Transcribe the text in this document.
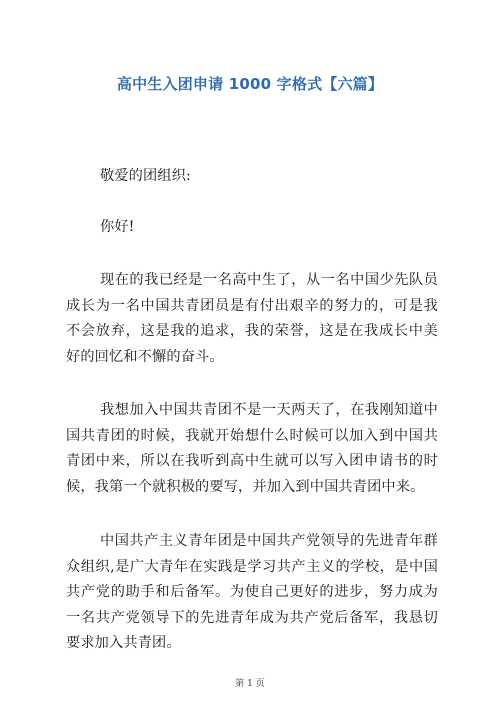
高中生入团申请 1000 字格式【六篇】
敬爱的团组织:
你好!
现在的我已经是一名高中生了，从一名中国少先队员成长为一名中国共青团员是有付出艰辛的努力的，可是我不会放弃，这是我的追求，我的荣誉，这是在我成长中美好的回忆和不懈的奋斗。
我想加入中国共青团不是一天两天了，在我刚知道中国共青团的时候，我就开始想什么时候可以加入到中国共青团中来，所以在我听到高中生就可以写入团申请书的时候，我第一个就积极的要写，并加入到中国共青团中来。
中国共产主义青年团是中国共产党领导的先进青年群众组织,是广大青年在实践是学习共产主义的学校，是中国共产党的助手和后备军。为使自己更好的进步，努力成为一名共产党领导下的先进青年成为共产党后备军，我恳切要求加入共青团。
第 1 页
